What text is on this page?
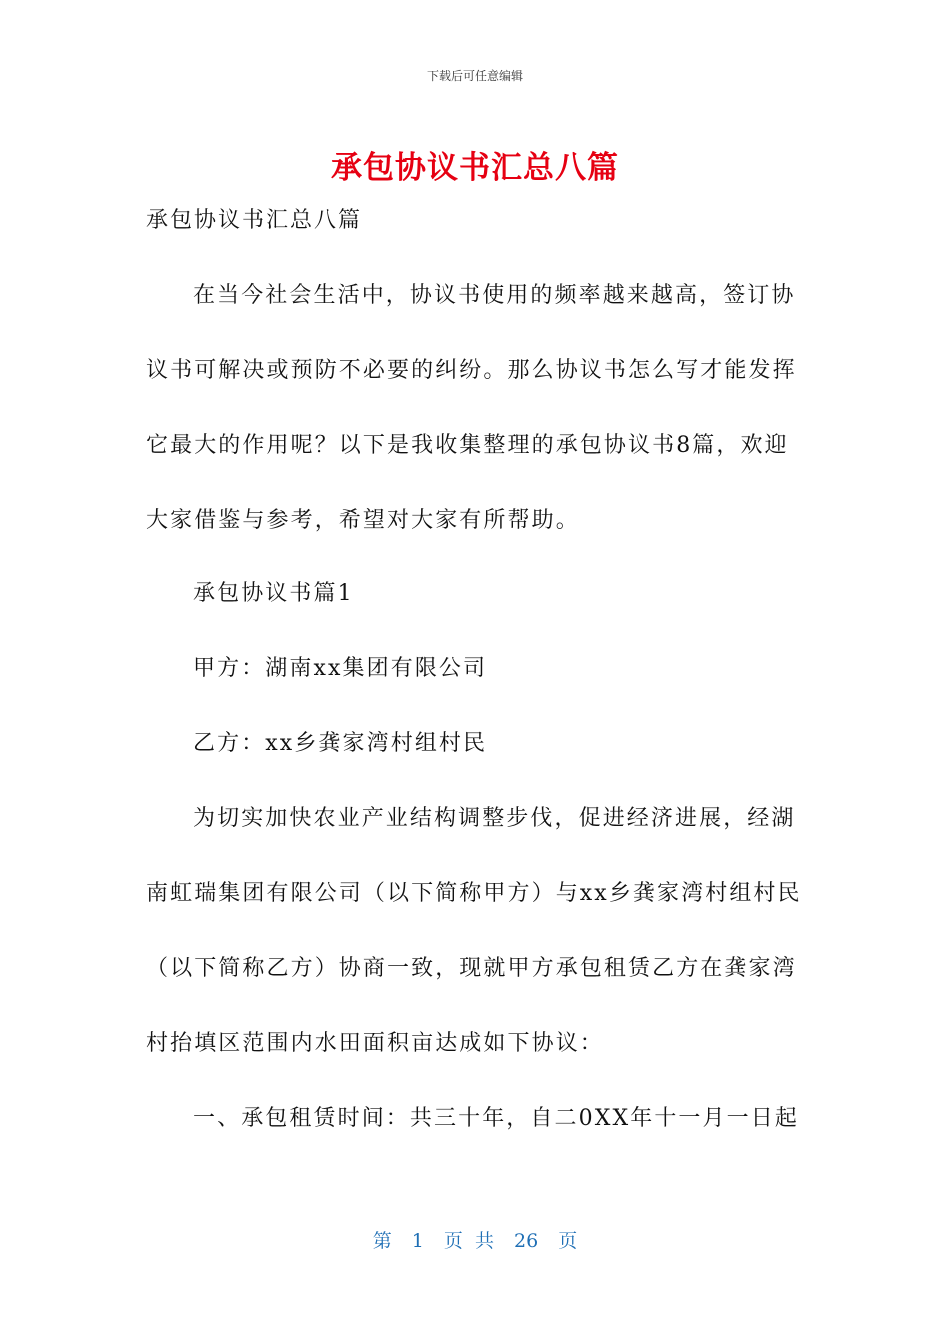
下载后可任意编辑
承包协议书汇总八篇
承包协议书汇总八篇

在当今社会生活中，协议书使用的频率越来越高，签订协议书可解决或预防不必要的纠纷。那么协议书怎么写才能发挥它最大的作用呢？以下是我收集整理的承包协议书8篇，欢迎大家借鉴与参考，希望对大家有所帮助。

承包协议书篇1

甲方：湖南xx集团有限公司

乙方：xx乡龚家湾村组村民

为切实加快农业产业结构调整步伐，促进经济进展，经湖南虹瑞集团有限公司（以下简称甲方）与xx乡龚家湾村组村民（以下简称乙方）协商一致，现就甲方承包租赁乙方在龚家湾村抬填区范围内水田面积亩达成如下协议：

一、承包租赁时间：共三十年，自二0XX年十一月一日起

第 1 页 共 26 页
